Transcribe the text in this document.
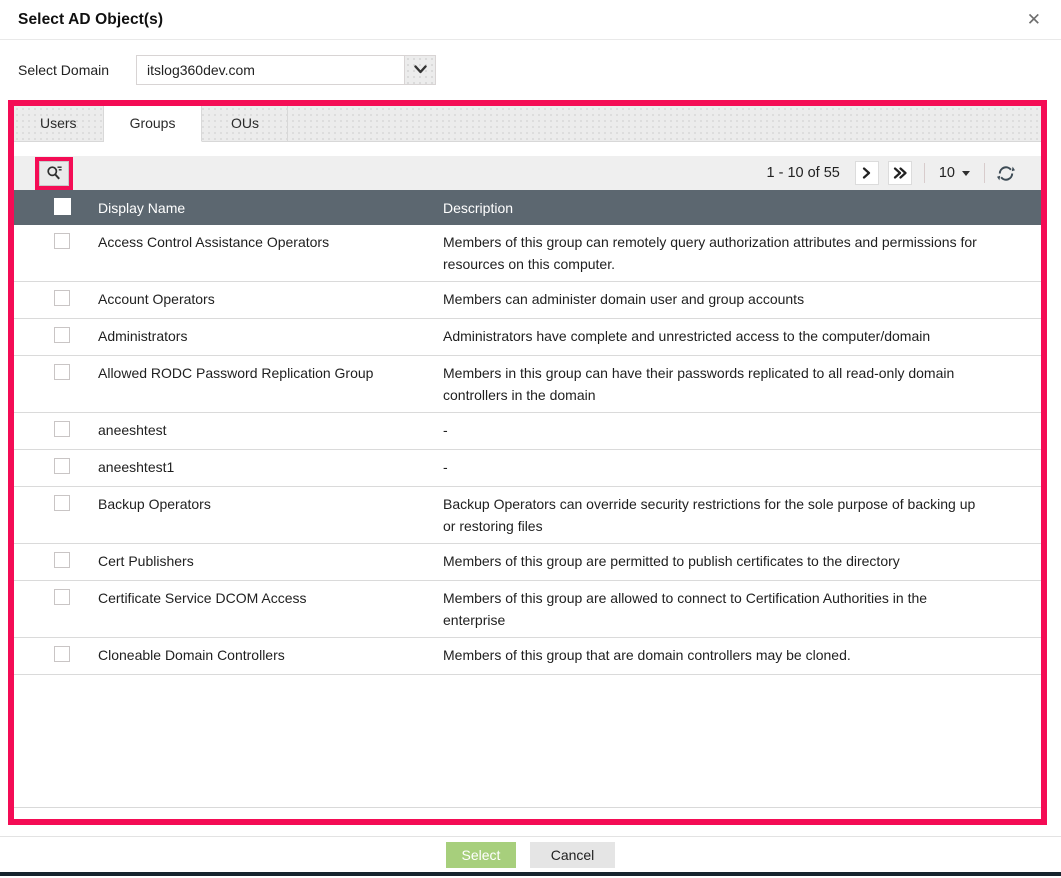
Select AD Object(s)	✕
Select Domain	itslog360dev.com
Users	Groups	OUs
1 - 10 of 55	10
Display Name	Description
Access Control Assistance Operators	Members of this group can remotely query authorization attributes and permissions for resources on this computer.
Account Operators	Members can administer domain user and group accounts
Administrators	Administrators have complete and unrestricted access to the computer/domain
Allowed RODC Password Replication Group	Members in this group can have their passwords replicated to all read-only domain controllers in the domain
aneeshtest	-
aneeshtest1	-
Backup Operators	Backup Operators can override security restrictions for the sole purpose of backing up or restoring files
Cert Publishers	Members of this group are permitted to publish certificates to the directory
Certificate Service DCOM Access	Members of this group are allowed to connect to Certification Authorities in the enterprise
Cloneable Domain Controllers	Members of this group that are domain controllers may be cloned.
Select	Cancel
